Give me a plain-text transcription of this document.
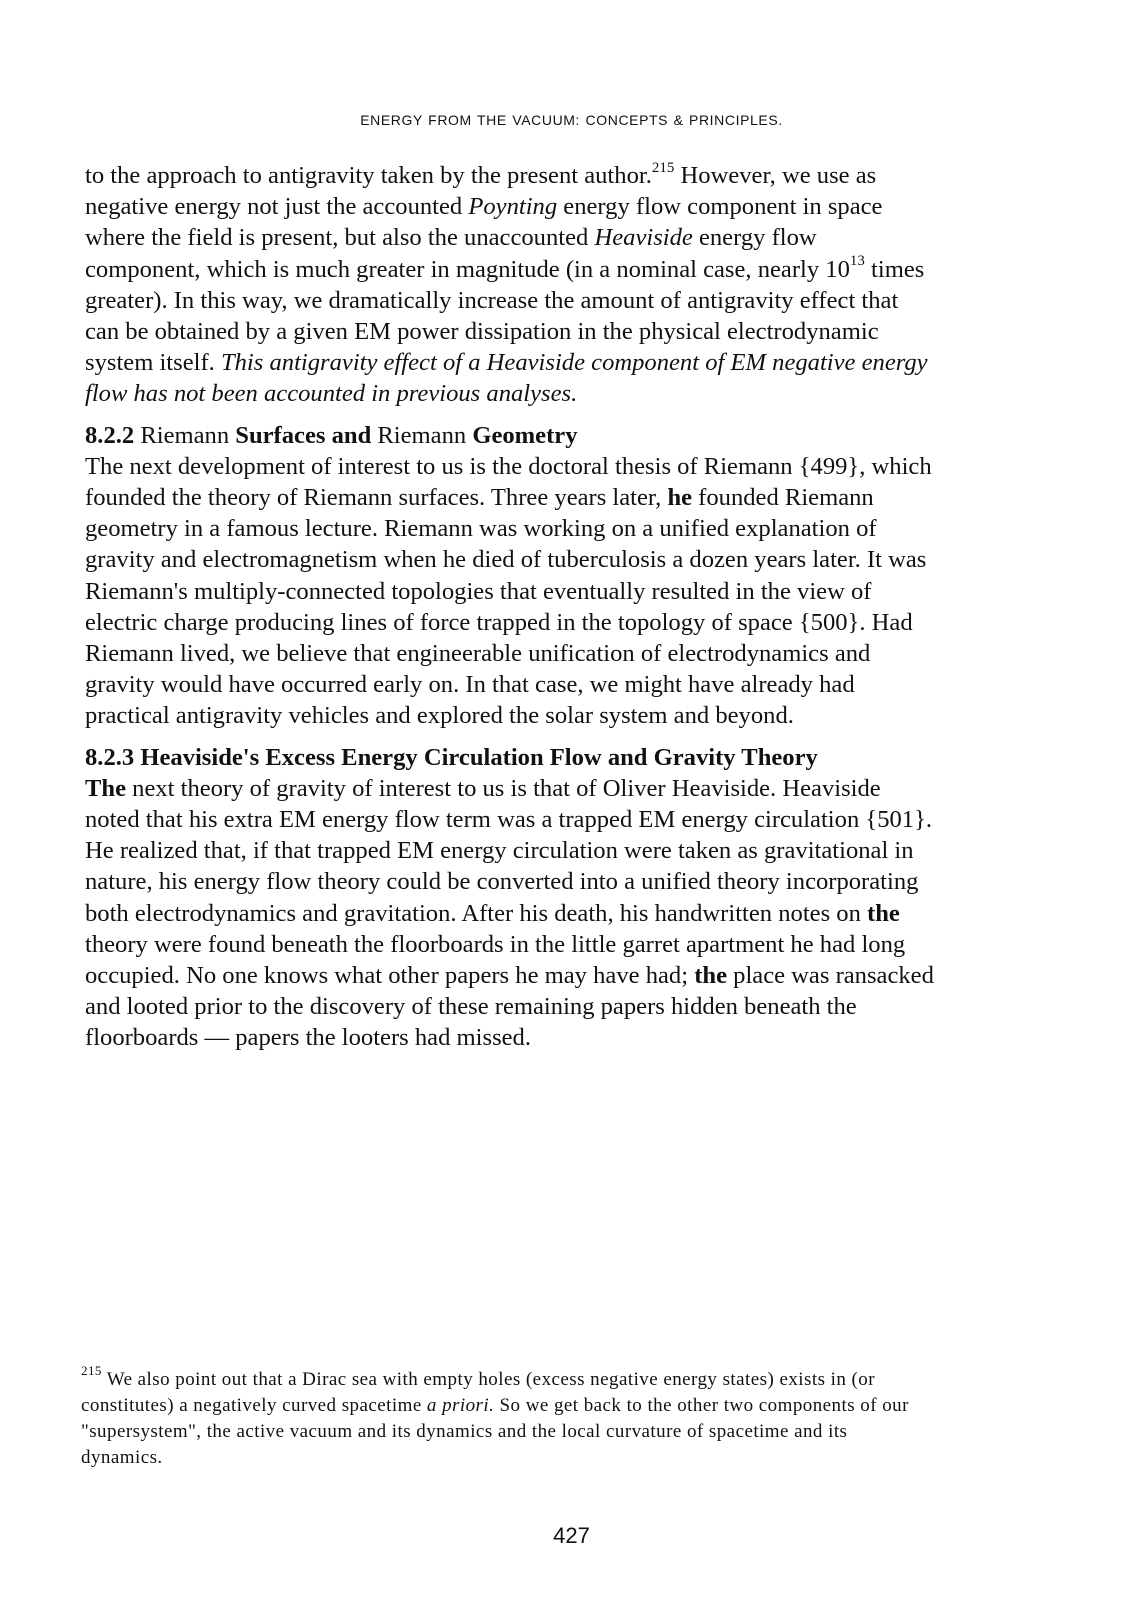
ENERGY FROM THE VACUUM: CONCEPTS & PRINCIPLES.

to the approach to antigravity taken by the present author.$^{215}$ However, we use as negative energy not just the accounted Poynting energy flow component in space where the field is present, but also the unaccounted Heaviside energy flow component, which is much greater in magnitude (in a nominal case, nearly $10^{13}$ times greater). In this way, we dramatically increase the amount of antigravity effect that can be obtained by a given EM power dissipation in the physical electrodynamic system itself. This antigravity effect of a Heaviside component of EM negative energy flow has not been accounted in previous analyses.

8.2.2 Riemann Surfaces and Riemann Geometry

The next development of interest to us is the doctoral thesis of Riemann {499}, which founded the theory of Riemann surfaces. Three years later, he founded Riemann geometry in a famous lecture. Riemann was working on a unified explanation of gravity and electromagnetism when he died of tuberculosis a dozen years later. It was Riemann's multiply-connected topologies that eventually resulted in the view of electric charge producing lines of force trapped in the topology of space {500}. Had Riemann lived, we believe that engineerable unification of electrodynamics and gravity would have occurred early on. In that case, we might have already had practical antigravity vehicles and explored the solar system and beyond.

8.2.3 Heaviside's Excess Energy Circulation Flow and Gravity Theory

The next theory of gravity of interest to us is that of Oliver Heaviside. Heaviside noted that his extra EM energy flow term was a trapped EM energy circulation {501}. He realized that, if that trapped EM energy circulation were taken as gravitational in nature, his energy flow theory could be converted into a unified theory incorporating both electrodynamics and gravitation. After his death, his handwritten notes on the theory were found beneath the floorboards in the little garret apartment he had long occupied. No one knows what other papers he may have had; the place was ransacked and looted prior to the discovery of these remaining papers hidden beneath the floorboards — papers the looters had missed.

$^{215}$ We also point out that a Dirac sea with empty holes (excess negative energy states) exists in (or constitutes) a negatively curved spacetime a priori. So we get back to the other two components of our "supersystem", the active vacuum and its dynamics and the local curvature of spacetime and its dynamics.

427
